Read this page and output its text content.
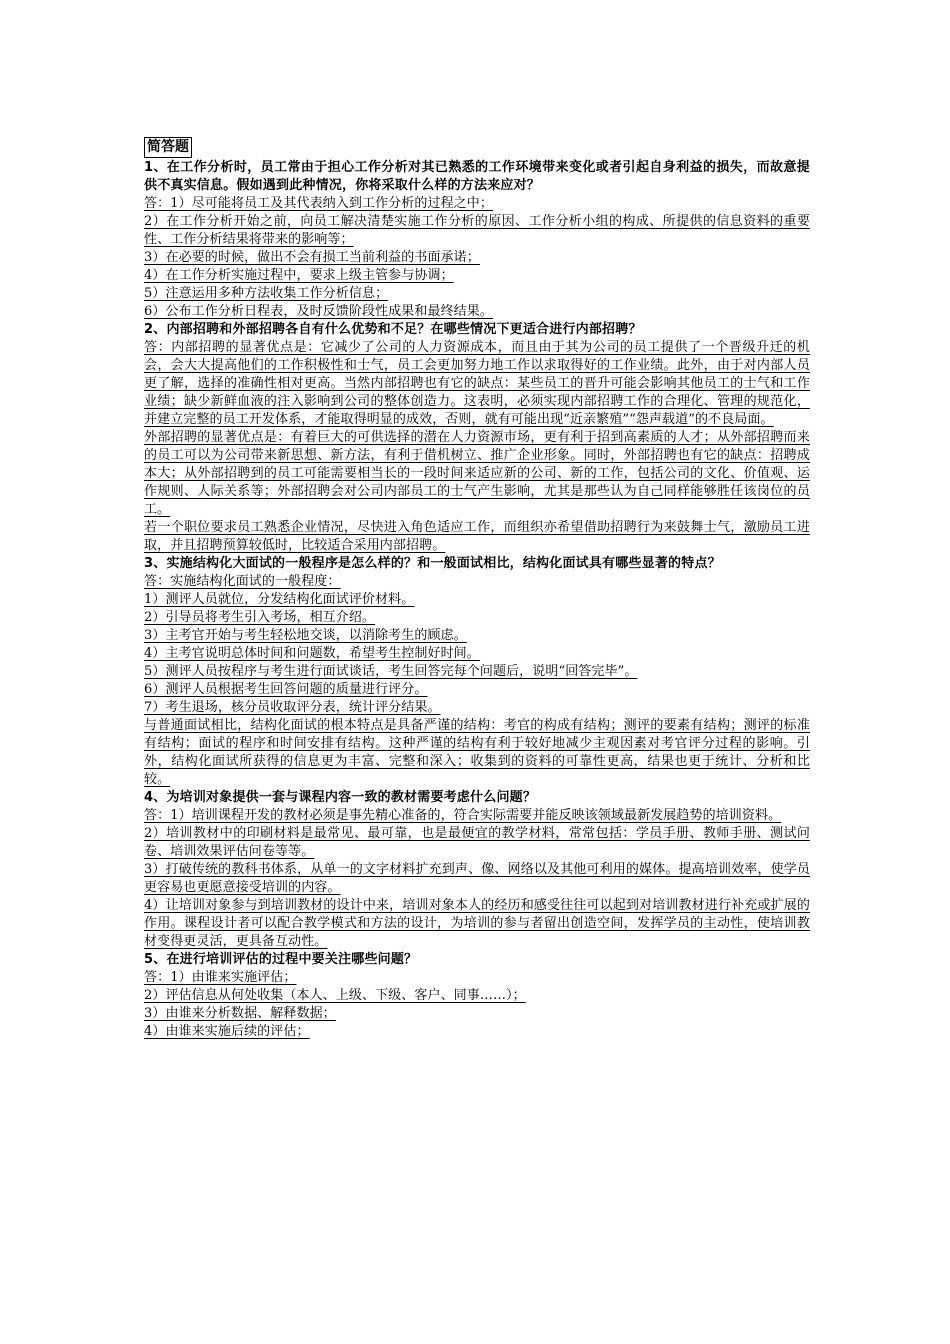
简答题
1、在工作分析时，员工常由于担心工作分析对其已熟悉的工作环境带来变化或者引起自身利益的损失，而故意提供不真实信息。假如遇到此种情况，你将采取什么样的方法来应对？
答：1）尽可能将员工及其代表纳入到工作分析的过程之中；
2）在工作分析开始之前，向员工解决清楚实施工作分析的原因、工作分析小组的构成、所提供的信息资料的重要性、工作分析结果将带来的影响等；
3）在必要的时候，做出不会有损工当前利益的书面承诺；
4）在工作分析实施过程中，要求上级主管参与协调；
5）注意运用多种方法收集工作分析信息；
6）公布工作分析日程表，及时反馈阶段性成果和最终结果。
2、内部招聘和外部招聘各自有什么优势和不足？在哪些情况下更适合进行内部招聘？
答：内部招聘的显著优点是：它减少了公司的人力资源成本，而且由于其为公司的员工提供了一个晋级升迁的机会，会大大提高他们的工作积极性和士气，员工会更加努力地工作以求取得好的工作业绩。此外，由于对内部人员更了解，选择的准确性相对更高。当然内部招聘也有它的缺点：某些员工的晋升可能会影响其他员工的士气和工作业绩；缺少新鲜血液的注入影响到公司的整体创造力。这表明，必须实现内部招聘工作的合理化、管理的规范化，并建立完整的员工开发体系，才能取得明显的成效，否则，就有可能出现“近亲繁殖”“怨声载道”的不良局面。
外部招聘的显著优点是：有着巨大的可供选择的潜在人力资源市场，更有利于招到高素质的人才；从外部招聘而来的员工可以为公司带来新思想、新方法，有利于借机树立、推广企业形象。同时，外部招聘也有它的缺点：招聘成本大；从外部招聘到的员工可能需要相当长的一段时间来适应新的公司、新的工作，包括公司的文化、价值观、运作规则、人际关系等；外部招聘会对公司内部员工的士气产生影响，尤其是那些认为自己同样能够胜任该岗位的员工。
若一个职位要求员工熟悉企业情况，尽快进入角色适应工作，而组织亦希望借助招聘行为来鼓舞士气，激励员工进取，并且招聘预算较低时，比较适合采用内部招聘。
3、实施结构化大面试的一般程序是怎么样的？和一般面试相比，结构化面试具有哪些显著的特点？
答：实施结构化面试的一般程度：
1）测评人员就位，分发结构化面试评价材料。
2）引导员将考生引入考场，相互介绍。
3）主考官开始与考生轻松地交谈，以消除考生的顾虑。
4）主考官说明总体时间和问题数，希望考生控制好时间。
5）测评人员按程序与考生进行面试谈话，考生回答完每个问题后，说明“回答完毕”。
6）测评人员根据考生回答问题的质量进行评分。
7）考生退场，核分员收取评分表，统计评分结果。
与普通面试相比，结构化面试的根本特点是具备严谨的结构：考官的构成有结构；测评的要素有结构；测评的标准有结构；面试的程序和时间安排有结构。这种严谨的结构有利于较好地减少主观因素对考官评分过程的影响。引外，结构化面试所获得的信息更为丰富、完整和深入；收集到的资料的可靠性更高，结果也更于统计、分析和比较。
4、为培训对象提供一套与课程内容一致的教材需要考虑什么问题？
答：1）培训课程开发的教材必须是事先精心准备的，符合实际需要并能反映该领域最新发展趋势的培训资料。
2）培训教材中的印刷材料是最常见、最可靠，也是最便宜的教学材料，常常包括：学员手册、教师手册、测试问卷、培训效果评估问卷等等。
3）打破传统的教科书体系，从单一的文字材料扩充到声、像、网络以及其他可利用的媒体。提高培训效率，使学员更容易也更愿意接受培训的内容。
4）让培训对象参与到培训教材的设计中来，培训对象本人的经历和感受往往可以起到对培训教材进行补充或扩展的作用。课程设计者可以配合教学模式和方法的设计，为培训的参与者留出创造空间，发挥学员的主动性，使培训教材变得更灵活，更具备互动性。
5、在进行培训评估的过程中要关注哪些问题？
答：1）由谁来实施评估；
2）评估信息从何处收集（本人、上级、下级、客户、同事……）；
3）由谁来分析数据、解释数据；
4）由谁来实施后续的评估；
